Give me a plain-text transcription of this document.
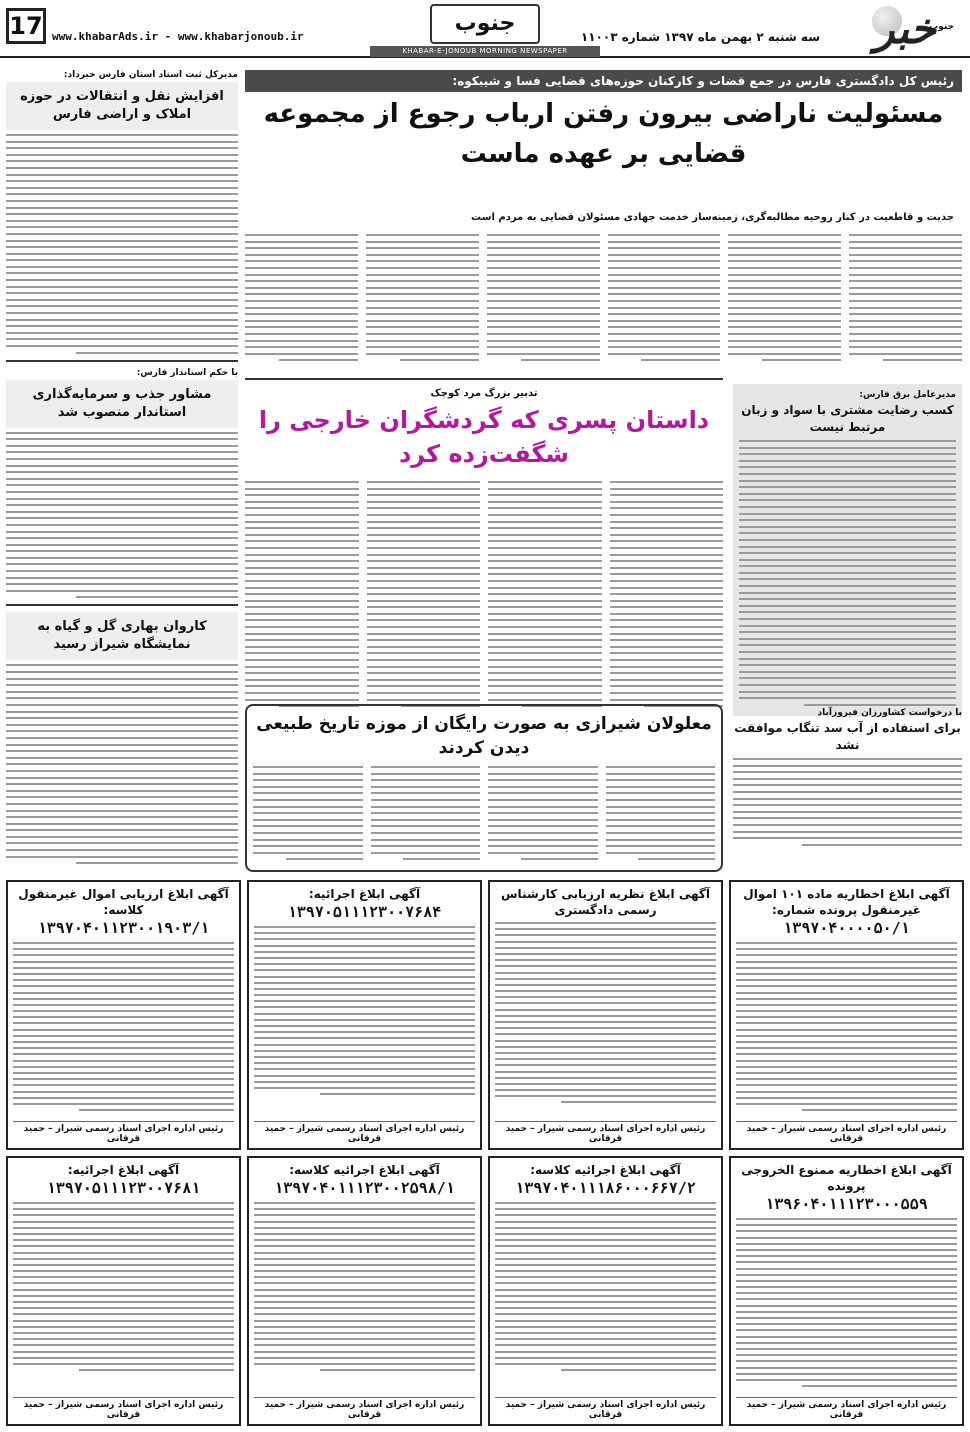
17 www.khabarAds.ir - www.khabarjonoub.ir
جنوب
KHABAR-E-JONOUB MORNING NEWSPAPER
سه شنبه ۲ بهمن ماه ۱۳۹۷ شماره ۱۱۰۰۳ خبر
جنوب
رئیس کل دادگستری فارس در جمع قضات و کارکنان حوزه‌های قضایی فسا و شیبکوه:
مسئولیت ناراضی بیرون رفتن ارباب رجوع از مجموعه قضایی بر عهده ماست
جدیت و قاطعیت در کنار روحیه مطالبه‌گری، زمینه‌ساز خدمت جهادی مسئولان قضایی به مردم است
مدیرکل ثبت اسناد استان فارس خبرداد:
افزایش نقل و انتقالات در حوزه املاک و اراضی فارس
با حکم استاندار فارس:
مشاور جذب و سرمایه‌گذاری استاندار منصوب شد
کاروان بهاری گل و گیاه به نمایشگاه شیراز رسید
تدبیر بزرگ مرد کوچک
داستان پسری که گردشگران خارجی را شگفت‌زده کرد
مدیرعامل برق فارس:
کسب رضایت مشتری با سواد و زبان مرتبط نیست
با درخواست کشاورزان فیروزآباد
برای استفاده از آب سد تنگاب موافقت نشد
معلولان شیرازی به صورت رایگان از موزه تاریخ طبیعی دیدن کردند
آگهی ابلاغ اخطاریه ماده ۱۰۱ اموال غیرمنقول پرونده شماره:
۱۳۹۷۰۴۰۰۰۰۵۰/۱
رئیس اداره اجرای اسناد رسمی شیراز – حمید قرقانی
آگهی ابلاغ نظریه ارزیابی کارشناس رسمی دادگستری
رئیس اداره اجرای اسناد رسمی شیراز – حمید قرقانی
آگهی ابلاغ اجرائیه:
۱۳۹۷۰۵۱۱۱۲۳۰۰۷۶۸۴
رئیس اداره اجرای اسناد رسمی شیراز – حمید قرقانی
آگهی ابلاغ ارزیابی اموال غیرمنقول کلاسه:
۱۳۹۷۰۴۰۱۱۲۳۰۰۱۹۰۳/۱
رئیس اداره اجرای اسناد رسمی شیراز – حمید قرقانی
آگهی ابلاغ اخطاریه ممنوع الخروجی پرونده
۱۳۹۶۰۴۰۱۱۱۲۳۰۰۰۵۵۹
رئیس اداره اجرای اسناد رسمی شیراز – حمید قرقانی
آگهی ابلاغ اجرائیه کلاسه:
۱۳۹۷۰۴۰۱۱۱۸۶۰۰۰۶۶۷/۲
رئیس اداره اجرای اسناد رسمی شیراز – حمید قرقانی
آگهی ابلاغ اجرائیه کلاسه:
۱۳۹۷۰۴۰۱۱۱۲۳۰۰۲۵۹۸/۱
رئیس اداره اجرای اسناد رسمی شیراز – حمید قرقانی
آگهی ابلاغ اجرائیه:
۱۳۹۷۰۵۱۱۱۲۳۰۰۷۶۸۱
رئیس اداره اجرای اسناد رسمی شیراز – حمید قرقانی
